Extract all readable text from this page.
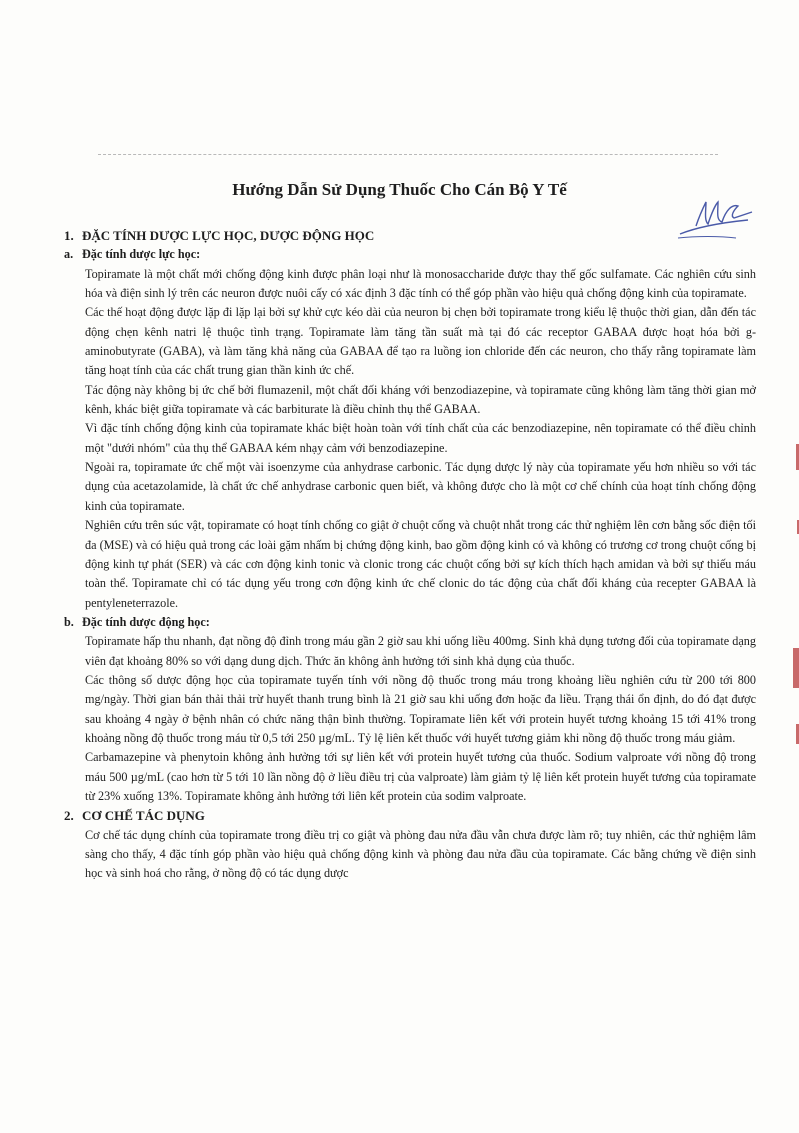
Hướng Dẫn Sử Dụng Thuốc Cho Cán Bộ Y Tế
1. ĐẶC TÍNH DƯỢC LỰC HỌC, DƯỢC ĐỘNG HỌC
a. Đặc tính dược lực học:

Topiramate là một chất mới chống động kinh được phân loại như là monosaccharide được thay thế gốc sulfamate. Các nghiên cứu sinh hóa và điện sinh lý trên các neuron được nuôi cấy có xác định 3 đặc tính có thể góp phần vào hiệu quả chống động kinh của topiramate.

Các thế hoạt động được lặp đi lặp lại bởi sự khử cực kéo dài của neuron bị chẹn bởi topiramate trong kiểu lệ thuộc thời gian, dẫn đến tác động chẹn kênh natri lệ thuộc tình trạng. Topiramate làm tăng tần suất mà tại đó các receptor GABAA được hoạt hóa bởi g-aminobutyrate (GABA), và làm tăng khả năng của GABAA để tạo ra luồng ion chloride đến các neuron, cho thấy rằng topiramate làm tăng hoạt tính của các chất trung gian thần kinh ức chế.

Tác động này không bị ức chế bởi flumazenil, một chất đối kháng với benzodiazepine, và topiramate cũng không làm tăng thời gian mở kênh, khác biệt giữa topiramate và các barbiturate là điều chỉnh thụ thể GABAA.

Vì đặc tính chống động kinh của topiramate khác biệt hoàn toàn với tính chất của các benzodiazepine, nên topiramate có thể điều chỉnh một "dưới nhóm" của thụ thể GABAA kém nhạy cảm với benzodiazepine.

Ngoài ra, topiramate ức chế một vài isoenzyme của anhydrase carbonic. Tác dụng dược lý này của topiramate yếu hơn nhiều so với tác dụng của acetazolamide, là chất ức chế anhydrase carbonic quen biết, và không được cho là một cơ chế chính của hoạt tính chống động kinh của topiramate.

Nghiên cứu trên súc vật, topiramate có hoạt tính chống co giật ở chuột cống và chuột nhắt trong các thử nghiệm lên cơn bằng sốc điện tối đa (MSE) và có hiệu quả trong các loài gặm nhấm bị chứng động kinh, bao gồm động kinh có và không có trương cơ trong chuột cống bị động kinh tự phát (SER) và các cơn động kinh tonic và clonic trong các chuột cống bởi sự kích thích hạch amidan và bởi sự thiếu máu toàn thể. Topiramate chỉ có tác dụng yếu trong cơn động kinh ức chế clonic do tác động của chất đối kháng của recepter GABAA là pentyleneterrazole.

b. Đặc tính dược động học:

Topiramate hấp thu nhanh, đạt nồng độ đỉnh trong máu gần 2 giờ sau khi uống liều 400mg. Sinh khả dụng tương đối của topiramate dạng viên đạt khoảng 80% so với dạng dung dịch. Thức ăn không ảnh hưởng tới sinh khả dụng của thuốc.

Các thông số dược động học của topiramate tuyến tính với nồng độ thuốc trong máu trong khoảng liều nghiên cứu từ 200 tới 800 mg/ngày. Thời gian bán thải thải trừ huyết thanh trung bình là 21 giờ sau khi uống đơn hoặc đa liều. Trạng thái ổn định, do đó đạt được sau khoảng 4 ngày ở bệnh nhân có chức năng thận bình thường. Topiramate liên kết với protein huyết tương khoảng 15 tới 41% trong khoảng nồng độ thuốc trong máu từ 0,5 tới 250 µg/mL. Tỷ lệ liên kết thuốc với huyết tương giảm khi nồng độ thuốc trong máu giảm.

Carbamazepine và phenytoin không ảnh hưởng tới sự liên kết với protein huyết tương của thuốc. Sodium valproate với nồng độ trong máu 500 µg/mL (cao hơn từ 5 tới 10 lần nồng độ ở liều điều trị của valproate) làm giảm tỷ lệ liên kết protein huyết tương của topiramate từ 23% xuống 13%. Topiramate không ảnh hưởng tới liên kết protein của sodim valproate.

2. CƠ CHẾ TÁC DỤNG

Cơ chế tác dụng chính của topiramate trong điều trị co giật và phòng đau nửa đầu vẫn chưa được làm rõ; tuy nhiên, các thử nghiệm lâm sàng cho thấy, 4 đặc tính góp phần vào hiệu quả chống động kinh và phòng đau nửa đầu của topiramate. Các bằng chứng về điện sinh học và sinh hoá cho rằng, ở nồng độ có tác dụng dược
